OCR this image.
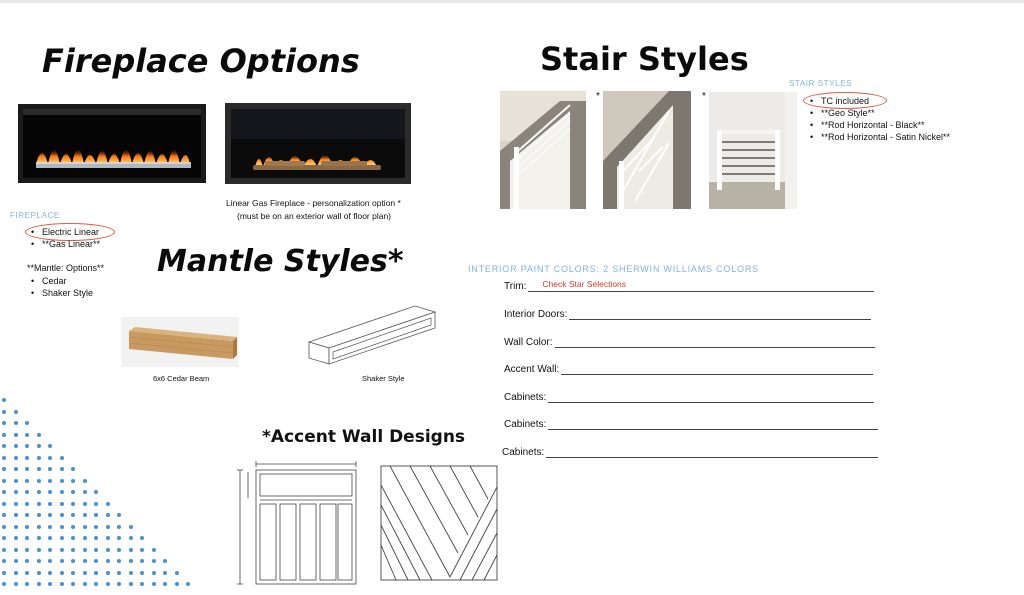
Fireplace Options
Linear Gas Fireplace - personalization option *
(must be on an exterior wall of floor plan)
FIREPLACE
• Electric Linear
• **Gas Linear**
**Mantle: Options**
• Cedar
• Shaker Style
Mantle Styles*
6x6 Cedar Beam	Shaker Style
*Accent Wall Designs
Stair Styles
*	*
STAIR STYLES
• TC included
• **Geo Style**
• **Rod Horizontal - Black**
• **Rod Horizontal - Satin Nickel**
INTERIOR PAINT COLORS: 2 SHERWIN WILLIAMS COLORS
Trim: Check Star Selections
Interior Doors:
Wall Color:
Accent Wall:
Cabinets:
Cabinets:
Cabinets:
